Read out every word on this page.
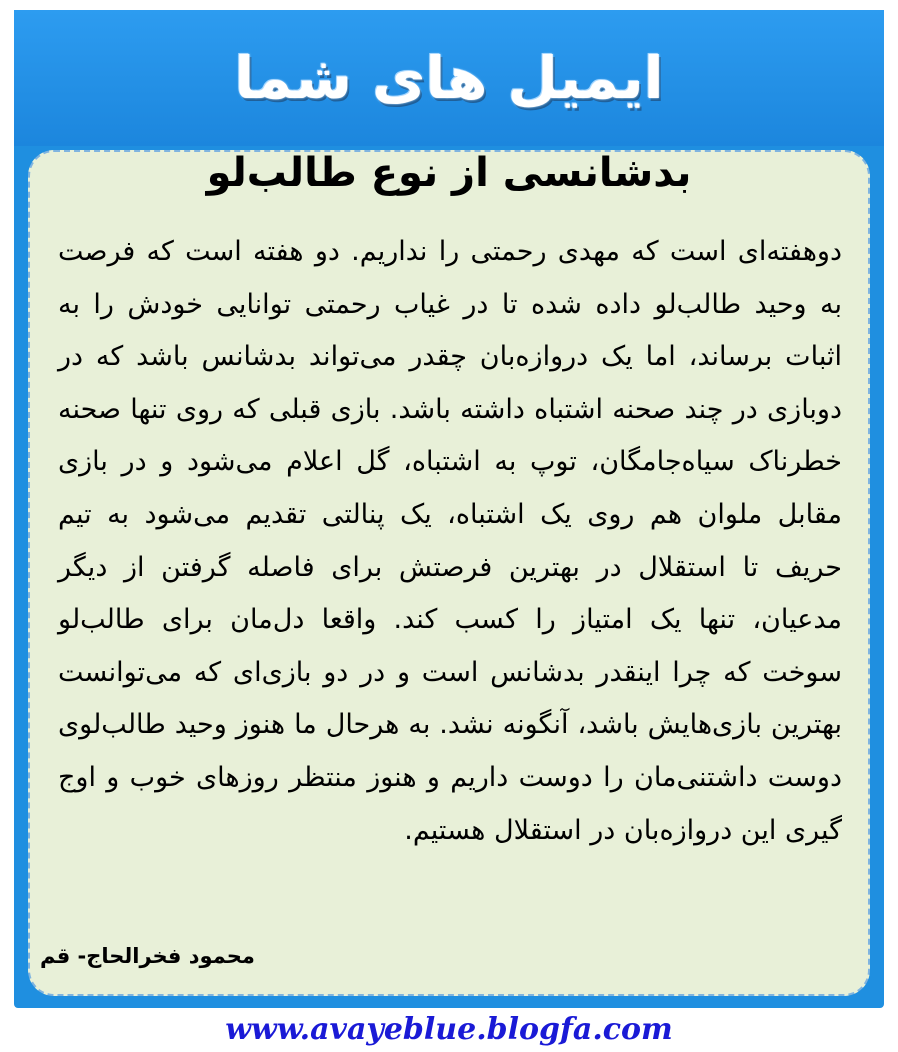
ایمیل های شما
بدشانسی از نوع طالب‌لو
دوهفته‌ای است که مهدی رحمتی را نداریم. دو هفته است که فرصت به وحید طالب‌لو داده شده تا در غیاب رحمتی توانایی خودش را به اثبات برساند، اما یک دروازه‌بان چقدر می‌تواند بدشانس باشد که در دوبازی در چند صحنه اشتباه داشته باشد. بازی قبلی که روی تنها صحنه خطرناک سیاه‌جامگان، توپ به اشتباه، گل اعلام می‌شود و در بازی مقابل ملوان هم روی یک اشتباه، یک پنالتی تقدیم می‌شود به تیم حریف تا استقلال در بهترین فرصتش برای فاصله گرفتن از دیگر مدعیان، تنها یک امتیاز را کسب کند. واقعا دل‌مان برای طالب‌لو سوخت که چرا اینقدر بدشانس است و در دو بازی‌ای که می‌توانست بهترین بازی‌هایش باشد، آنگونه نشد. به هرحال ما هنوز وحید طالب‌لوی دوست داشتنی‌مان را دوست داریم و هنوز منتظر روزهای خوب و اوج گیری این دروازه‌بان در استقلال هستیم.
محمود فخرالحاج- قم
www.avayeblue.blogfa.com
